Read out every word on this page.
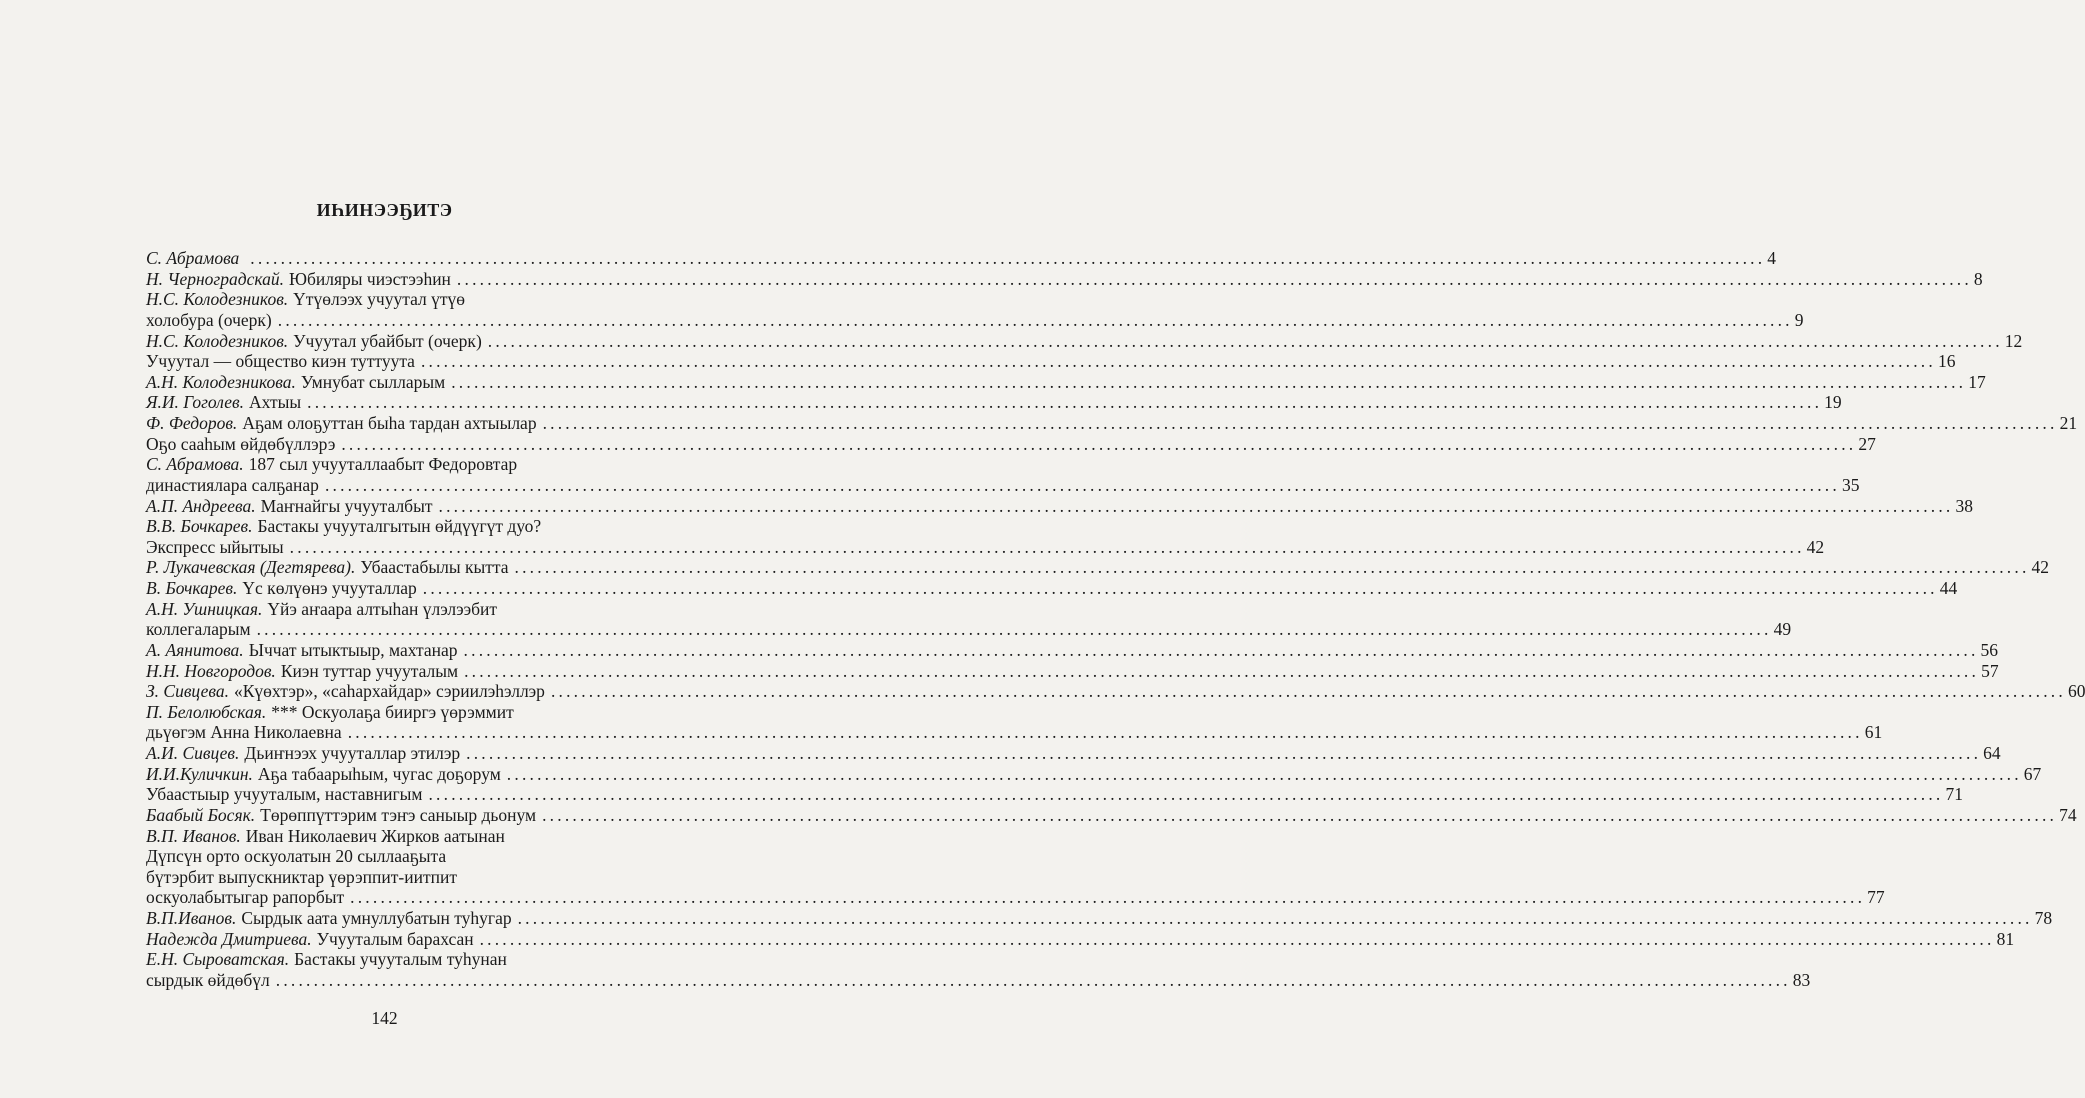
ИҺИНЭЭҔИТЭ
С. Абрамова ........................................................................................................................................................................................................ 4
Н. Черноградскай. Юбиляры чиэстээһин ........................................................................................................................................................................................................ 8
Н.С. Колодезников. Үтүөлээх учуутал үтүө
холобура (очерк) ........................................................................................................................................................................................................ 9
Н.С. Колодезников. Учуутал убайбыт (очерк) ........................................................................................................................................................................................................ 12
Учуутал — общество киэн туттуута ........................................................................................................................................................................................................ 16
А.Н. Колодезникова. Умнубат сылларым ........................................................................................................................................................................................................ 17
Я.И. Гоголев. Ахтыы ........................................................................................................................................................................................................ 19
Ф. Федоров. Аҕам олоҕуттан быһа тардан ахтыылар ........................................................................................................................................................................................................ 21
Оҕо сааһым өйдөбүллэрэ ........................................................................................................................................................................................................ 27
С. Абрамова. 187 сыл учууталлаабыт Федоровтар
династиялара салҕанар ........................................................................................................................................................................................................ 35
А.П. Андреева. Маҥнайгы учууталбыт ........................................................................................................................................................................................................ 38
В.В. Бочкарев. Бастакы учууталгытын өйдүүгүт дуо?
Экспресс ыйытыы ........................................................................................................................................................................................................ 42
Р. Лукачевская (Дегтярева). Убаастабылы кытта ........................................................................................................................................................................................................ 42
В. Бочкарев. Үс көлүөнэ учууталлар ........................................................................................................................................................................................................ 44
А.Н. Ушницкая. Үйэ аҥаара алтыһан үлэлээбит
коллегаларым ........................................................................................................................................................................................................ 49
А. Аянитова. Ыччат ытыктыыр, махтанар ........................................................................................................................................................................................................ 56
Н.Н. Новгородов. Киэн туттар учууталым ........................................................................................................................................................................................................ 57
З. Сивцева. «Күөхтэр», «саһархайдар» сэриилэһэллэр ........................................................................................................................................................................................................ 60
П. Белолюбская. *** Оскуолаҕа бииргэ үөрэммит
дьүөгэм Анна Николаевна ........................................................................................................................................................................................................ 61
А.И. Сивцев. Дьиҥнээх учууталлар этилэр ........................................................................................................................................................................................................ 64
И.И.Куличкин. Аҕа табаарыһым, чугас доҕорум ........................................................................................................................................................................................................ 67
Убаастыыр учууталым, наставнигым ........................................................................................................................................................................................................ 71
Баабый Босяк. Төрөппүттэрим тэҥэ саныыр дьонум ........................................................................................................................................................................................................ 74
В.П. Иванов. Иван Николаевич Жирков аатынан
Дүпсүн орто оскуолатын 20 сыллааҕыта
бүтэрбит выпускниктар үөрэппит-иитпит
оскуолабытыгар рапорбыт ........................................................................................................................................................................................................ 77
В.П.Иванов. Сырдык аата умнуллубатын туһугар ........................................................................................................................................................................................................ 78
Надежда Дмитриева. Учууталым барахсан ........................................................................................................................................................................................................ 81
Е.Н. Сыроватская. Бастакы учууталым туһунан
сырдык өйдөбүл ........................................................................................................................................................................................................ 83
142
